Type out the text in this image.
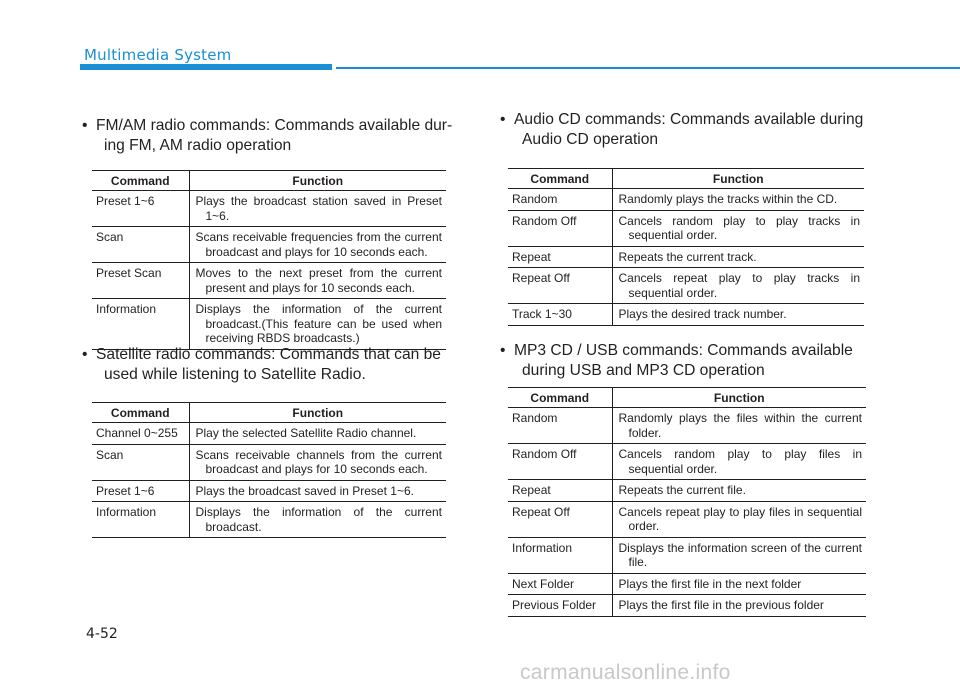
Multimedia System
• FM/AM radio commands: Commands available dur-
ing FM, AM radio operation
Command	Function
Preset 1~6	Plays the broadcast station saved in Preset 1~6.

Scan	Scans receivable frequencies from the current broadcast and plays for 10 seconds each.

Preset Scan	Moves to the next preset from the current present and plays for 10 seconds each.

Information	Displays the information of the current broadcast.(This feature can be used when receiving RBDS broadcasts.)
• Satellite radio commands: Commands that can be
used while listening to Satellite Radio.
Command	Function
Channel 0~255	Play the selected Satellite Radio channel.

Scan	Scans receivable channels from the current broadcast and plays for 10 seconds each.

Preset 1~6	Plays the broadcast saved in Preset 1~6.

Information	Displays the information of the current broadcast.
• Audio CD commands: Commands available during
Audio CD operation
Command	Function
Random	Randomly plays the tracks within the CD.

Random Off	Cancels random play to play tracks in sequential order.

Repeat	Repeats the current track.

Repeat Off	Cancels repeat play to play tracks in sequential order.

Track 1~30	Plays the desired track number.
• MP3 CD / USB commands: Commands available
during USB and MP3 CD operation
Command	Function
Random	Randomly plays the files within the current folder.

Random Off	Cancels random play to play files in sequential order.

Repeat	Repeats the current file.

Repeat Off	Cancels repeat play to play files in sequential order.

Information	Displays the information screen of the current file.

Next Folder	Plays the first file in the next folder

Previous Folder	Plays the first file in the previous folder
4-52
carmanualsonline.info
